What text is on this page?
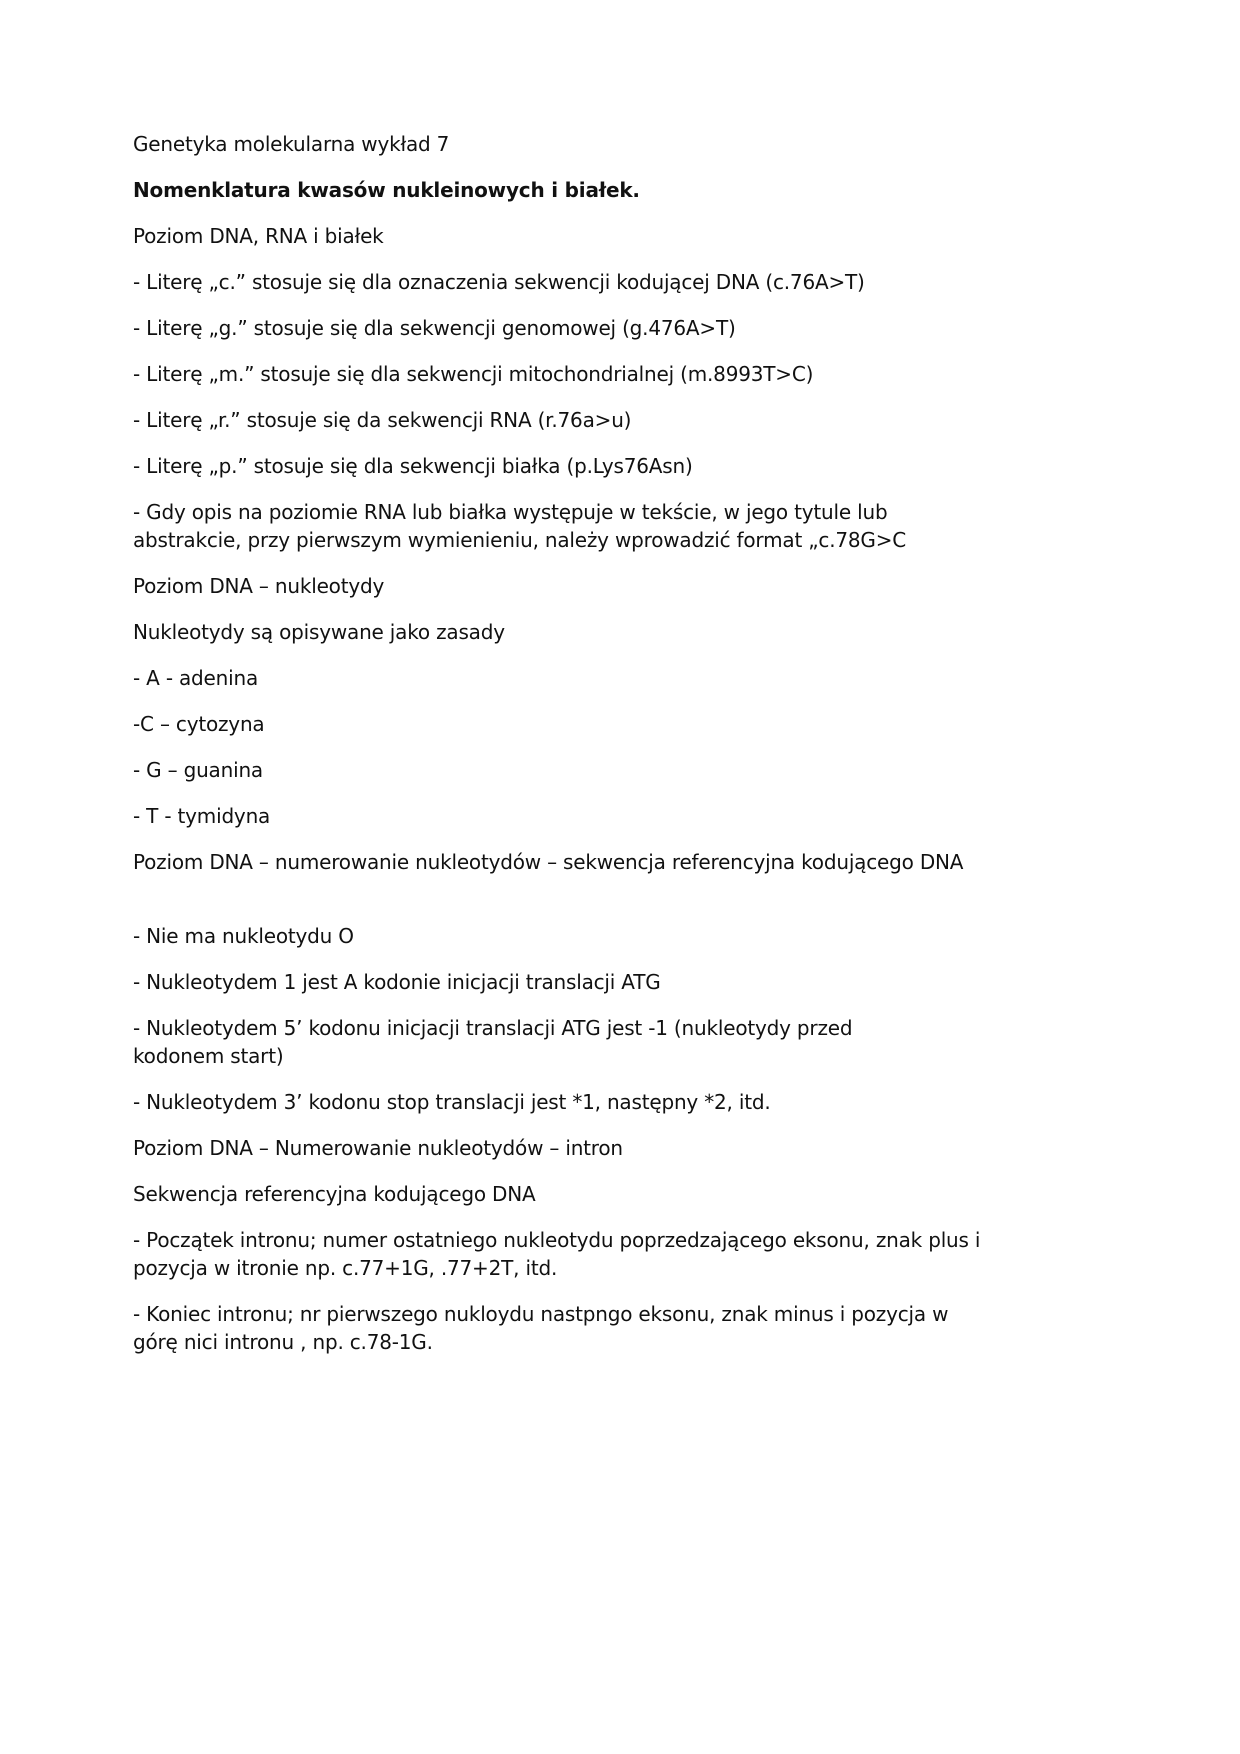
Genetyka molekularna wykład 7

Nomenklatura kwasów nukleinowych i białek.

Poziom DNA, RNA i białek

- Literę „c.” stosuje się dla oznaczenia sekwencji kodującej DNA (c.76A>T)

- Literę „g.” stosuje się dla sekwencji genomowej (g.476A>T)

- Literę „m.” stosuje się dla sekwencji mitochondrialnej (m.8993T>C)

- Literę „r.” stosuje się da sekwencji RNA (r.76a>u)

- Literę „p.” stosuje się dla sekwencji białka (p.Lys76Asn)

- Gdy opis na poziomie RNA lub białka występuje w tekście, w jego tytule lub abstrakcie, przy pierwszym wymienieniu, należy wprowadzić format „c.78G>C

Poziom DNA – nukleotydy

Nukleotydy są opisywane jako zasady

- A - adenina

-C – cytozyna

- G – guanina

- T - tymidyna

Poziom DNA – numerowanie nukleotydów – sekwencja referencyjna kodującego DNA

- Nie ma nukleotydu O

- Nukleotydem 1 jest A kodonie inicjacji translacji ATG

- Nukleotydem 5’ kodonu inicjacji translacji ATG jest -1 (nukleotydy przed kodonem start)

- Nukleotydem 3’ kodonu stop translacji jest *1, następny *2, itd.

Poziom DNA – Numerowanie nukleotydów – intron

Sekwencja referencyjna kodującego DNA

- Początek intronu; numer ostatniego nukleotydu poprzedzającego eksonu, znak plus i pozycja w itronie np. c.77+1G, .77+2T, itd.

- Koniec intronu; nr pierwszego nukloydu nastpngo eksonu, znak minus i pozycja w górę nici intronu , np. c.78-1G.
